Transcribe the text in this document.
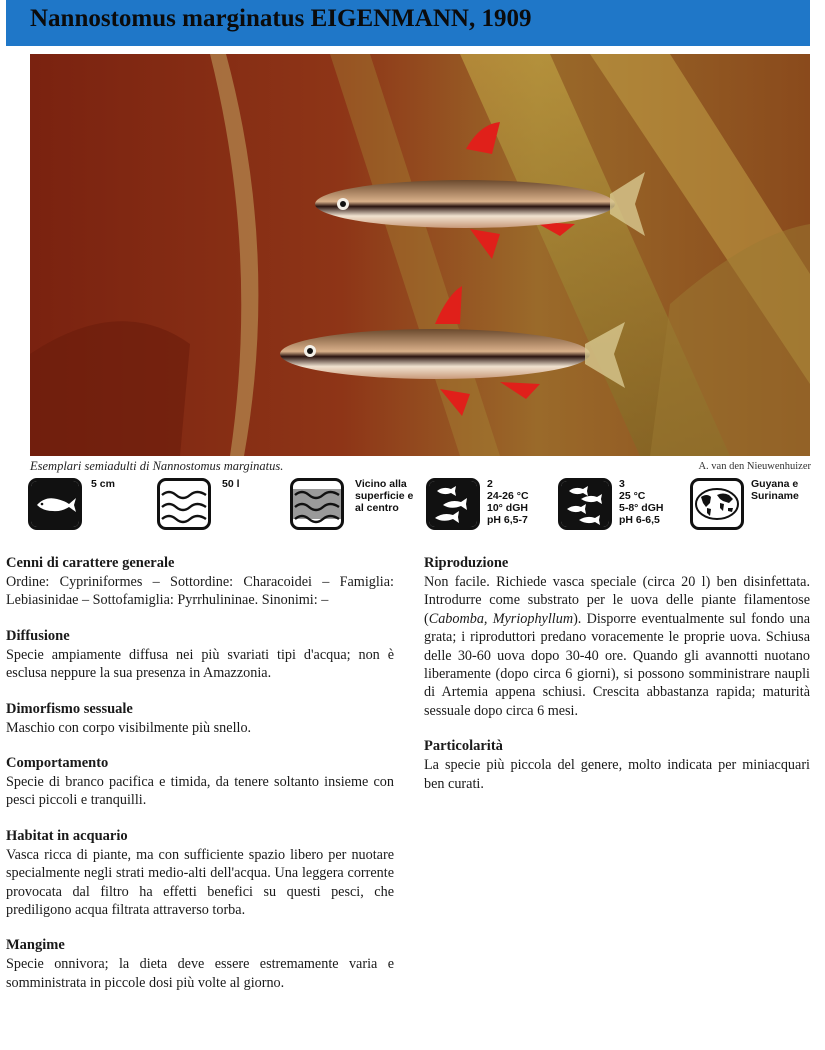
Nannostomus marginatus EIGENMANN, 1909
Esemplari semiadulti di Nannostomus marginatus.	A. van den Nieuwenhuizer
5 cm	50 l	Vicino alla
superficie e
al centro
2
24-26 °C
10° dGH
pH 6,5-7
3
25 °C
5-8° dGH
pH 6-6,5
Guyana e
Suriname
Cenni di carattere generale

Ordine: Cypriniformes – Sottordine: Characoidei – Famiglia: Lebiasinidae – Sottofamiglia: Pyrrhulininae. Sinonimi: –

Diffusione

Specie ampiamente diffusa nei più svariati tipi d'acqua; non è esclusa neppure la sua presenza in Amazzonia.

Dimorfismo sessuale

Maschio con corpo visibilmente più snello.

Comportamento

Specie di branco pacifica e timida, da tenere soltanto insieme con pesci piccoli e tranquilli.

Habitat in acquario

Vasca ricca di piante, ma con sufficiente spazio libero per nuotare specialmente negli strati medio-alti dell'acqua. Una leggera corrente provocata dal filtro ha effetti benefici su questi pesci, che prediligono acqua filtrata attraverso torba.

Mangime

Specie onnivora; la dieta deve essere estremamente varia e somministrata in piccole dosi più volte al giorno.

Riproduzione

Non facile. Richiede vasca speciale (circa 20 l) ben disinfettata. Introdurre come substrato per le uova delle piante filamentose (Cabomba, Myriophyllum). Disporre eventualmente sul fondo una grata; i riproduttori predano voracemente le proprie uova. Schiusa delle 30-60 uova dopo 30-40 ore. Quando gli avannotti nuotano liberamente (dopo circa 6 giorni), si possono somministrare naupli di Artemia appena schiusi. Crescita abbastanza rapida; maturità sessuale dopo circa 6 mesi.

Particolarità

La specie più piccola del genere, molto indicata per miniacquari ben curati.
